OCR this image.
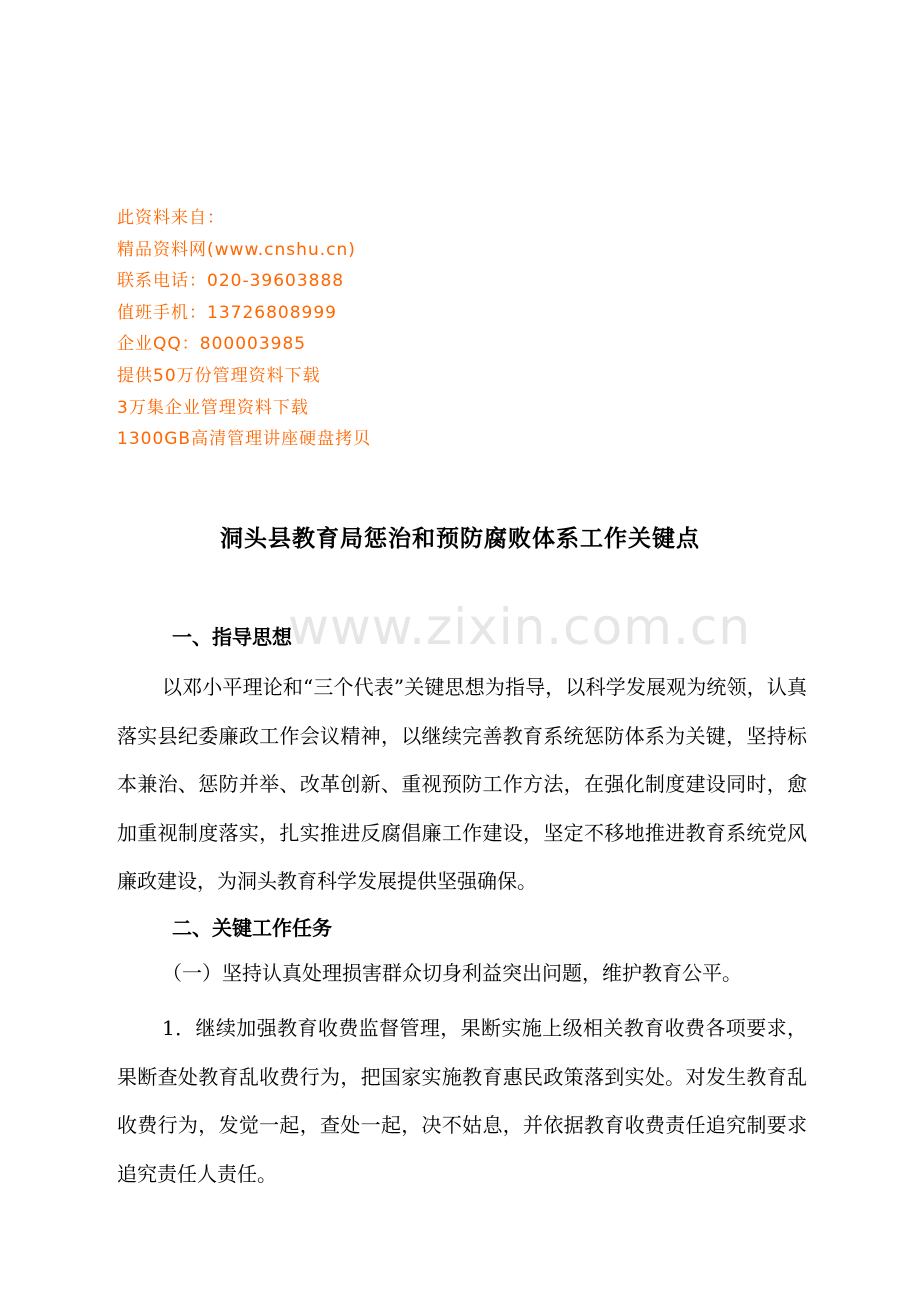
此资料来自：
精品资料网(www.cnshu.cn)
联系电话：020-39603888
值班手机：13726808999
企业QQ：800003985
提供50万份管理资料下载
3万集企业管理资料下载
1300GB高清管理讲座硬盘拷贝
www.zixin.com.cn
洞头县教育局惩治和预防腐败体系工作关键点
一、指导思想

以邓小平理论和“三个代表”关键思想为指导，以科学发展观为统领，认真落实县纪委廉政工作会议精神，以继续完善教育系统惩防体系为关键，坚持标本兼治、惩防并举、改革创新、重视预防工作方法，在强化制度建设同时，愈加重视制度落实，扎实推进反腐倡廉工作建设，坚定不移地推进教育系统党风廉政建设，为洞头教育科学发展提供坚强确保。

二、关键工作任务

（一）坚持认真处理损害群众切身利益突出问题，维护教育公平。

1．继续加强教育收费监督管理，果断实施上级相关教育收费各项要求，果断查处教育乱收费行为，把国家实施教育惠民政策落到实处。对发生教育乱收费行为，发觉一起，查处一起，决不姑息，并依据教育收费责任追究制要求追究责任人责任。
